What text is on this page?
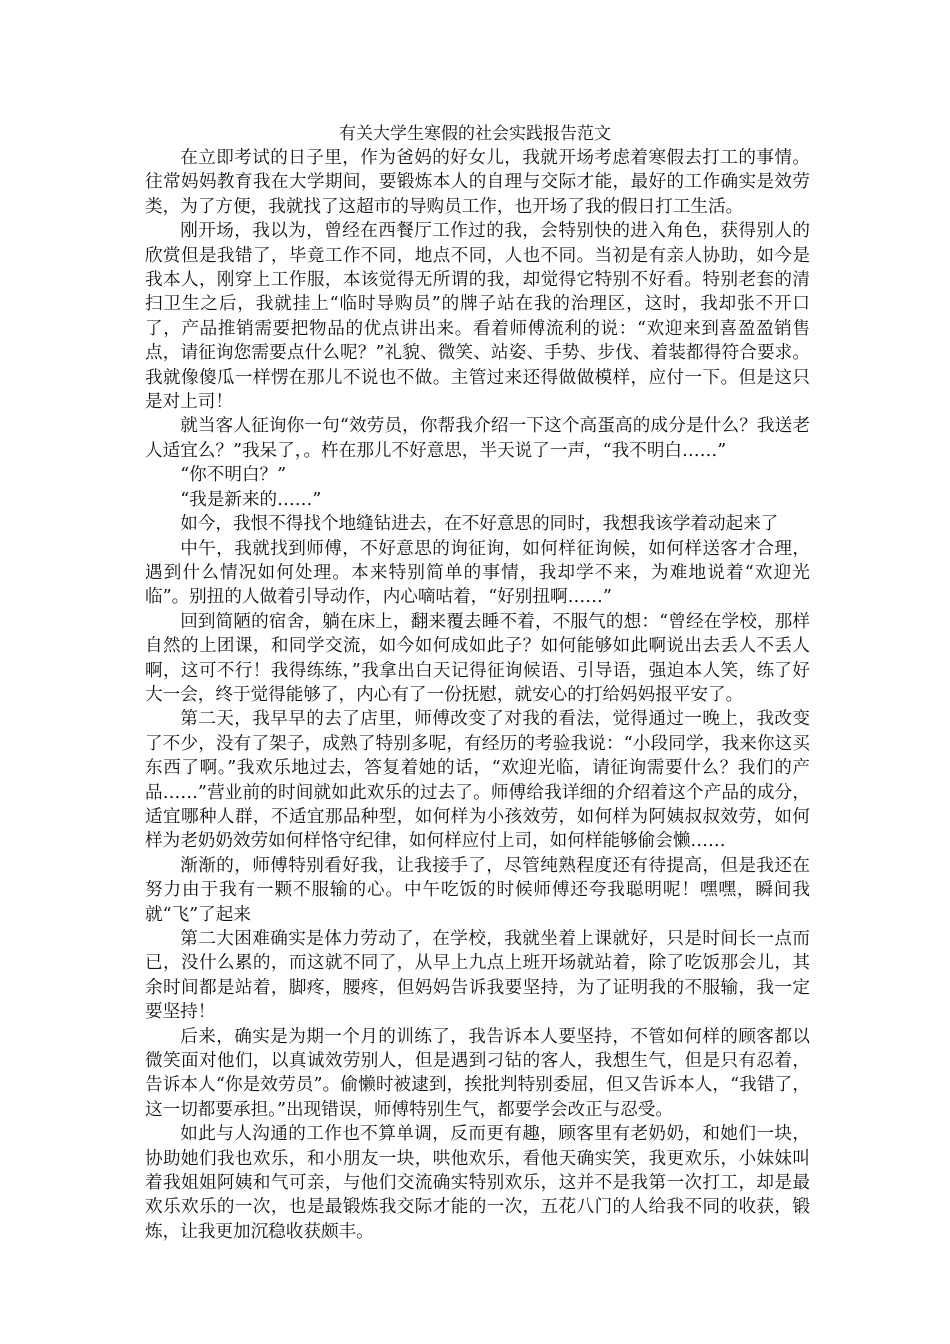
有关大学生寒假的社会实践报告范文

在立即考试的日子里，作为爸妈的好女儿，我就开场考虑着寒假去打工的事情。往常妈妈教育我在大学期间，要锻炼本人的自理与交际才能，最好的工作确实是效劳类，为了方便，我就找了这超市的导购员工作，也开场了我的假日打工生活。

刚开场，我以为，曾经在西餐厅工作过的我，会特别快的进入角色，获得别人的欣赏但是我错了，毕竟工作不同，地点不同，人也不同。当初是有亲人协助，如今是我本人，刚穿上工作服，本该觉得无所谓的我，却觉得它特别不好看。特别老套的清扫卫生之后，我就挂上“临时导购员”的牌子站在我的治理区，这时，我却张不开口了，产品推销需要把物品的优点讲出来。看着师傅流利的说：“欢迎来到喜盈盈销售点，请征询您需要点什么呢？”礼貌、微笑、站姿、手势、步伐、着装都得符合要求。我就像傻瓜一样愣在那儿不说也不做。主管过来还得做做模样，应付一下。但是这只是对上司！

就当客人征询你一句“效劳员，你帮我介绍一下这个高蛋高的成分是什么？我送老人适宜么？”我呆了，。杵在那儿不好意思，半天说了一声，“我不明白……”

“你不明白？”

“我是新来的……”

如今，我恨不得找个地缝钻进去，在不好意思的同时，我想我该学着动起来了

中午，我就找到师傅，不好意思的询征询，如何样征询候，如何样送客才合理，遇到什么情况如何处理。本来特别简单的事情，我却学不来，为难地说着“欢迎光临”。别扭的人做着引导动作，内心嘀咕着，“好别扭啊……”

回到简陋的宿舍，躺在床上，翻来覆去睡不着，不服气的想：“曾经在学校，那样自然的上团课，和同学交流，如今如何成如此子？如何能够如此啊说出去丢人不丢人啊，这可不行！我得练练，”我拿出白天记得征询候语、引导语，强迫本人笑，练了好大一会，终于觉得能够了，内心有了一份抚慰，就安心的打给妈妈报平安了。

第二天，我早早的去了店里，师傅改变了对我的看法，觉得通过一晚上，我改变了不少，没有了架子，成熟了特别多呢，有经历的考验我说：“小段同学，我来你这买东西了啊。”我欢乐地过去，答复着她的话，“欢迎光临，请征询需要什么？我们的产品……”营业前的时间就如此欢乐的过去了。师傅给我详细的介绍着这个产品的成分，适宜哪种人群，不适宜那品种型，如何样为小孩效劳，如何样为阿姨叔叔效劳，如何样为老奶奶效劳如何样恪守纪律，如何样应付上司，如何样能够偷会懒……

渐渐的，师傅特别看好我，让我接手了，尽管纯熟程度还有待提高，但是我还在努力由于我有一颗不服输的心。中午吃饭的时候师傅还夸我聪明呢！嘿嘿，瞬间我就“飞”了起来

第二大困难确实是体力劳动了，在学校，我就坐着上课就好，只是时间长一点而已，没什么累的，而这就不同了，从早上九点上班开场就站着，除了吃饭那会儿，其余时间都是站着，脚疼，腰疼，但妈妈告诉我要坚持，为了证明我的不服输，我一定要坚持！

后来，确实是为期一个月的训练了，我告诉本人要坚持，不管如何样的顾客都以微笑面对他们，以真诚效劳别人，但是遇到刁钻的客人，我想生气，但是只有忍着，告诉本人“你是效劳员”。偷懒时被逮到，挨批判特别委屈，但又告诉本人，“我错了，这一切都要承担。”出现错误，师傅特别生气，都要学会改正与忍受。

如此与人沟通的工作也不算单调，反而更有趣，顾客里有老奶奶，和她们一块，协助她们我也欢乐，和小朋友一块，哄他欢乐，看他天确实笑，我更欢乐，小妹妹叫着我姐姐阿姨和气可亲，与他们交流确实特别欢乐，这并不是我第一次打工，却是最欢乐欢乐的一次，也是最锻炼我交际才能的一次，五花八门的人给我不同的收获，锻炼，让我更加沉稳收获颇丰。
